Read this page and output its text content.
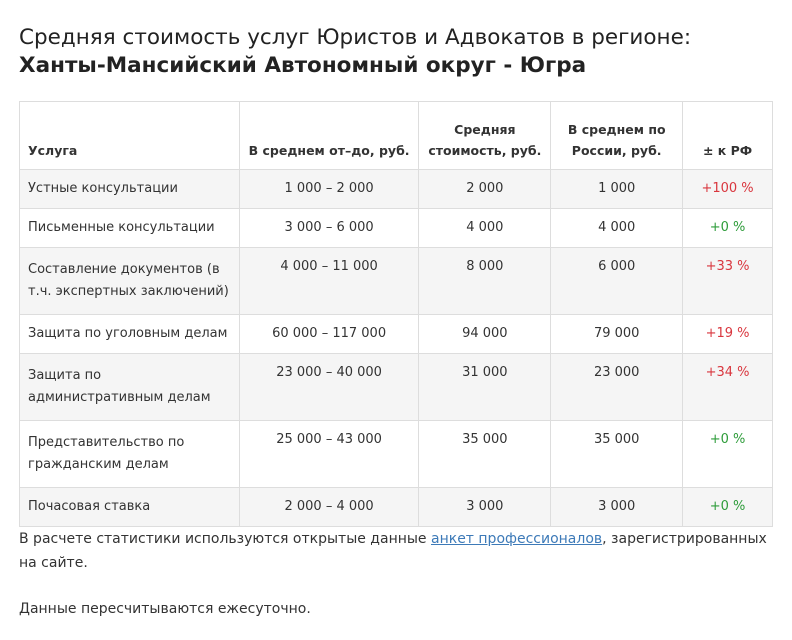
Средняя стоимость услуг Юристов и Адвокатов в регионе:
Ханты-Мансийский Автономный округ - Югра
Услуга	В среднем от–до, руб.	Средняя стоимость, руб.	В среднем по России, руб.	± к РФ
Устные консультации	1 000 – 2 000	2 000	1 000	+100 %
Письменные консультации	3 000 – 6 000	4 000	4 000	+0 %
Составление документов (в т.ч. экспертных заключений)	4 000 – 11 000	8 000	6 000	+33 %
Защита по уголовным делам	60 000 – 117 000	94 000	79 000	+19 %
Защита по административным делам	23 000 – 40 000	31 000	23 000	+34 %
Представительство по гражданским делам	25 000 – 43 000	35 000	35 000	+0 %
Почасовая ставка	2 000 – 4 000	3 000	3 000	+0 %

В расчете статистики используются открытые данные анкет профессионалов, зарегистрированных на сайте.

Данные пересчитываются ежесуточно.
